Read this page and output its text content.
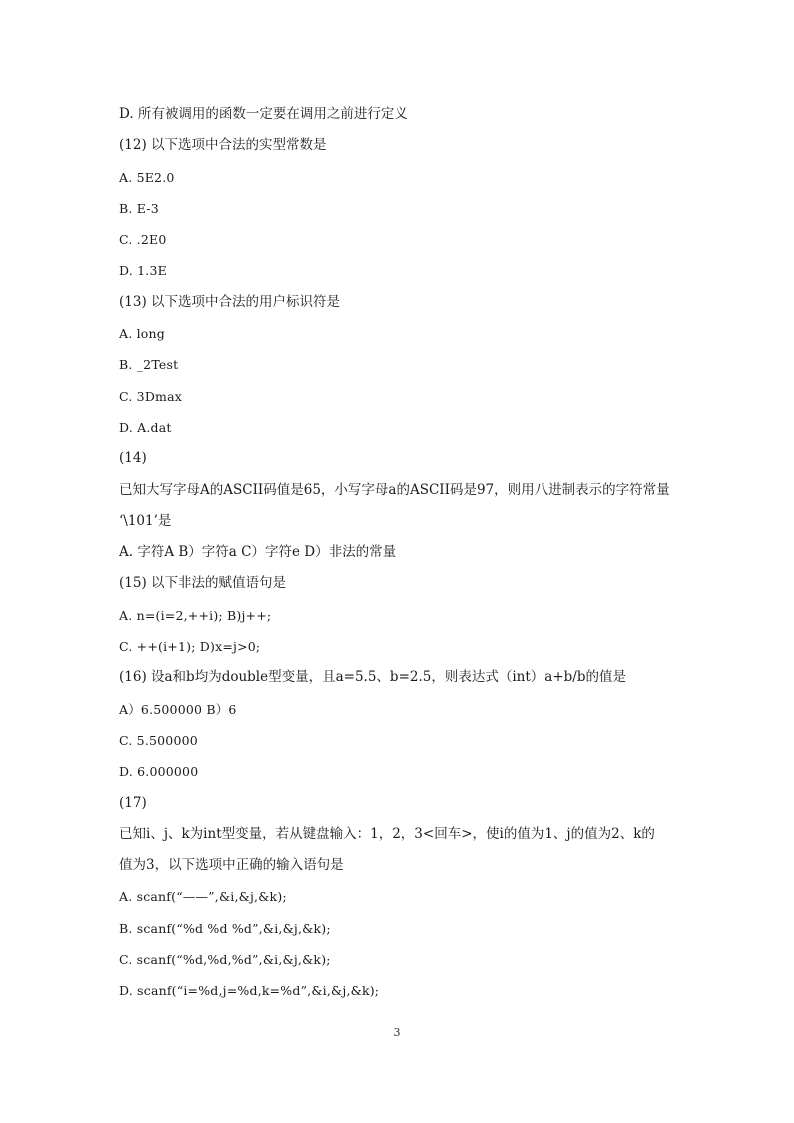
D. 所有被调用的函数一定要在调用之前进行定义
(12) 以下选项中合法的实型常数是
A. 5E2.0
B. E-3
C. .2E0
D. 1.3E
(13) 以下选项中合法的用户标识符是
A. long
B. _2Test
C. 3Dmax
D. A.dat
(14)
已知大写字母A的ASCII码值是65，小写字母a的ASCII码是97，则用八进制表示的字符常量
‘\101’是
A. 字符A B）字符a C）字符e D）非法的常量
(15) 以下非法的赋值语句是
A. n=(i=2,++i); B)j++;
C. ++(i+1); D)x=j>0;
(16) 设a和b均为double型变量，且a=5.5、b=2.5，则表达式（int）a+b/b的值是
A）6.500000 B）6
C. 5.500000
D. 6.000000
(17)
已知i、j、k为int型变量，若从键盘输入：1，2，3<回车>，使i的值为1、j的值为2、k的
值为3，以下选项中正确的输入语句是
A. scanf(“——”,&i,&j,&k);
B. scanf(“%d %d %d”,&i,&j,&k);
C. scanf(“%d,%d,%d”,&i,&j,&k);
D. scanf(“i=%d,j=%d,k=%d”,&i,&j,&k);
3
